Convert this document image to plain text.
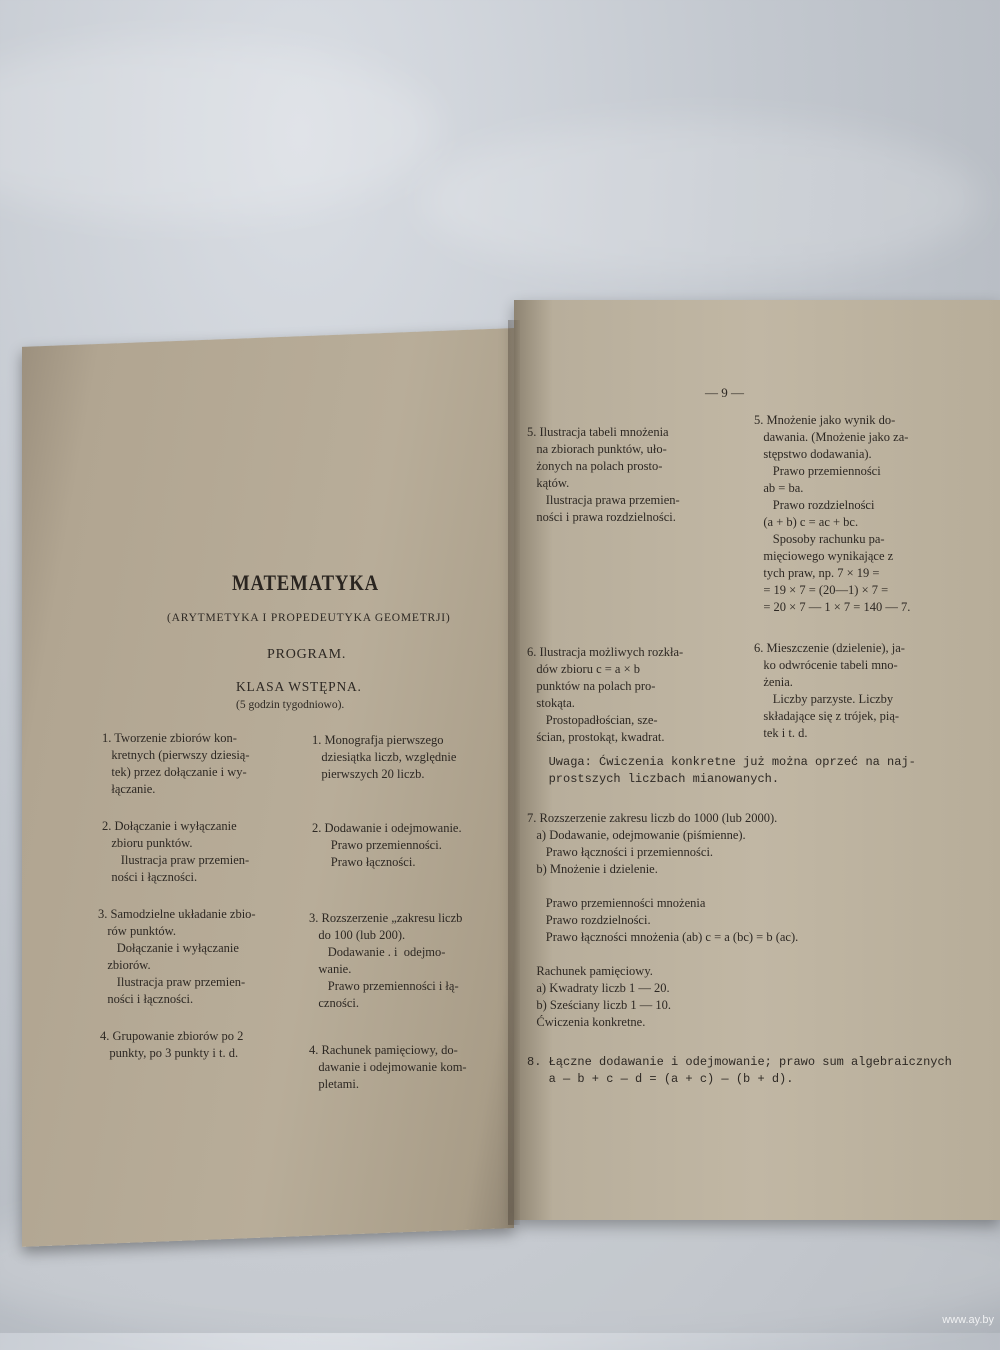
MATEMATYKA
(ARYTMETYKA I PROPEDEUTYKA GEOMETRJI)
PROGRAM.
KLASA WSTĘPNA.
(5 godzin tygodniowo).
1. Tworzenie zbiorów kon-
kretnych (pierwszy dziesią-
tek) przez dołączanie i wy-
łączanie.
2. Dołączanie i wyłączanie
zbioru punktów.
Ilustracja praw przemien-
ności i łączności.
3. Samodzielne układanie zbio-
rów punktów.
Dołączanie i wyłączanie
zbiorów.
Ilustracja praw przemien-
ności i łączności.
4. Grupowanie zbiorów po 2
punkty, po 3 punkty i t. d.
1. Monografja pierwszego
dziesiątka liczb, względnie
pierwszych 20 liczb.
2. Dodawanie i odejmowanie.
Prawo przemienności.
Prawo łączności.
3. Rozszerzenie „zakresu liczb
do 100 (lub 200).
Dodawanie . i  odejmo-
wanie.
Prawo przemienności i łą-
czności.
4. Rachunek pamięciowy, do-
dawanie i odejmowanie kom-
pletami.
— 9 —
5. Ilustracja tabeli mnożenia
na zbiorach punktów, uło-
żonych na polach prosto-
kątów.
Ilustracja prawa przemien-
ności i prawa rozdzielności.
5. Mnożenie jako wynik do-
dawania. (Mnożenie jako za-
stępstwo dodawania).
Prawo przemienności
ab = ba.
Prawo rozdzielności
(a + b) c = ac + bc.
Sposoby rachunku pa-
mięciowego wynikające z
tych praw, np. 7 × 19 =
= 19 × 7 = (20—1) × 7 =
= 20 × 7 — 1 × 7 = 140 — 7.
6. Ilustracja możliwych rozkła-
dów zbioru c = a × b
punktów na polach pro-
stokąta.
Prostopadłościan, sze-
ścian, prostokąt, kwadrat.
6. Mieszczenie (dzielenie), ja-
ko odwrócenie tabeli mno-
żenia.
Liczby parzyste. Liczby
składające się z trójek, pią-
tek i t. d.
Uwaga: Ćwiczenia konkretne już można oprzeć na naj-
prostszych liczbach mianowanych.
7. Rozszerzenie zakresu liczb do 1000 (lub 2000).
a) Dodawanie, odejmowanie (piśmienne).
Prawo łączności i przemienności.
b) Mnożenie i dzielenie.

Prawo przemienności mnożenia
Prawo rozdzielności.
Prawo łączności mnożenia (ab) c = a (bc) = b (ac).

Rachunek pamięciowy.
a) Kwadraty liczb 1 — 20.
b) Sześciany liczb 1 — 10.
Ćwiczenia konkretne.
8. Łączne dodawanie i odejmowanie; prawo sum algebraicznych
a — b + c — d = (a + c) — (b + d).
www.ay.by
